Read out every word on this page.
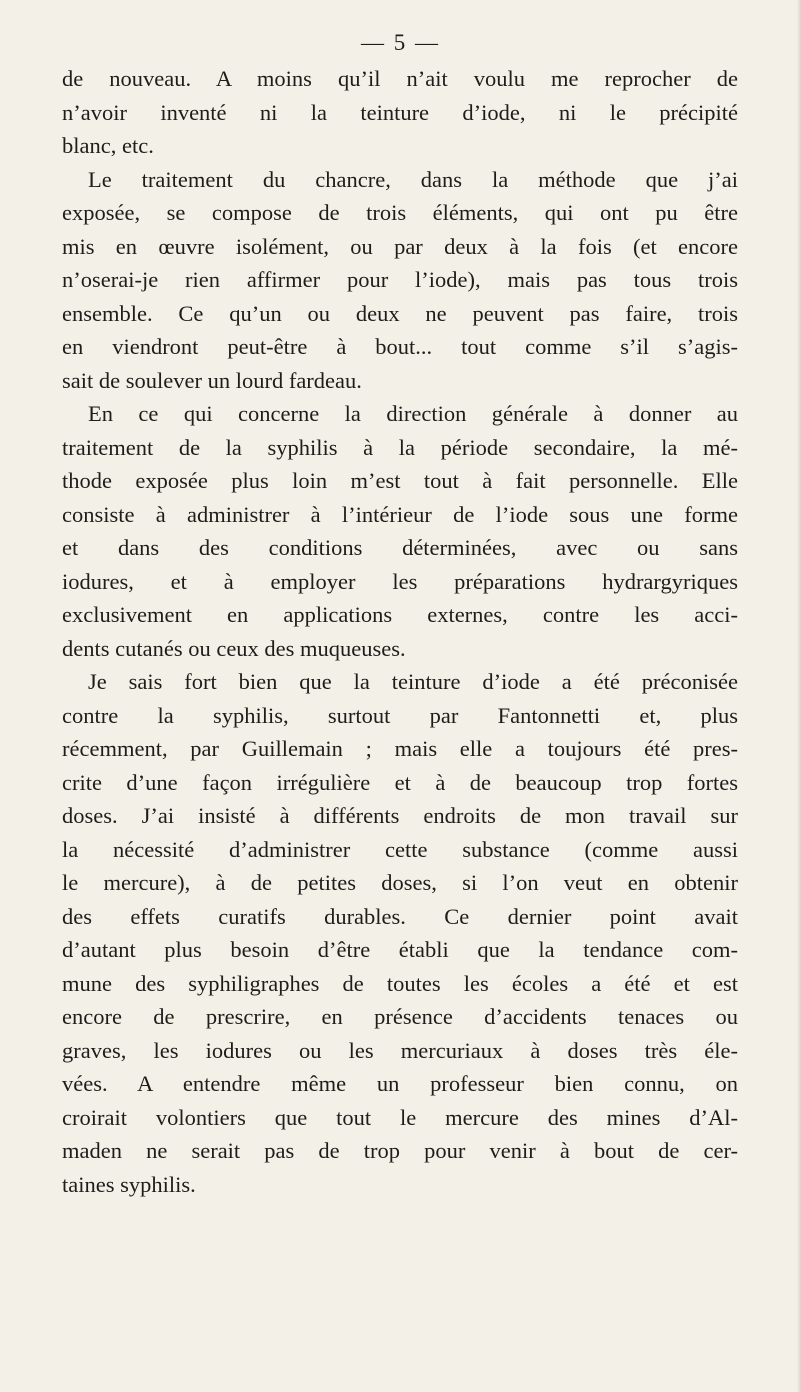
— 5 —
de nouveau. A moins qu’il n’ait voulu me reprocher de
n’avoir inventé ni la teinture d’iode, ni le précipité
blanc, etc.
Le traitement du chancre, dans la méthode que j’ai
exposée, se compose de trois éléments, qui ont pu être
mis en œuvre isolément, ou par deux à la fois (et encore
n’oserai-je rien affirmer pour l’iode), mais pas tous trois
ensemble. Ce qu’un ou deux ne peuvent pas faire, trois
en viendront peut-être à bout... tout comme s’il s’agis-
sait de soulever un lourd fardeau.
En ce qui concerne la direction générale à donner au
traitement de la syphilis à la période secondaire, la mé-
thode exposée plus loin m’est tout à fait personnelle. Elle
consiste à administrer à l’intérieur de l’iode sous une forme
et dans des conditions déterminées, avec ou sans
iodures, et à employer les préparations hydrargyriques
exclusivement en applications externes, contre les acci-
dents cutanés ou ceux des muqueuses.
Je sais fort bien que la teinture d’iode a été préconisée
contre la syphilis, surtout par Fantonnetti et, plus
récemment, par Guillemain ; mais elle a toujours été pres-
crite d’une façon irrégulière et à de beaucoup trop fortes
doses. J’ai insisté à différents endroits de mon travail sur
la nécessité d’administrer cette substance (comme aussi
le mercure), à de petites doses, si l’on veut en obtenir
des effets curatifs durables. Ce dernier point avait
d’autant plus besoin d’être établi que la tendance com-
mune des syphiligraphes de toutes les écoles a été et est
encore de prescrire, en présence d’accidents tenaces ou
graves, les iodures ou les mercuriaux à doses très éle-
vées. A entendre même un professeur bien connu, on
croirait volontiers que tout le mercure des mines d’Al-
maden ne serait pas de trop pour venir à bout de cer-
taines syphilis.
